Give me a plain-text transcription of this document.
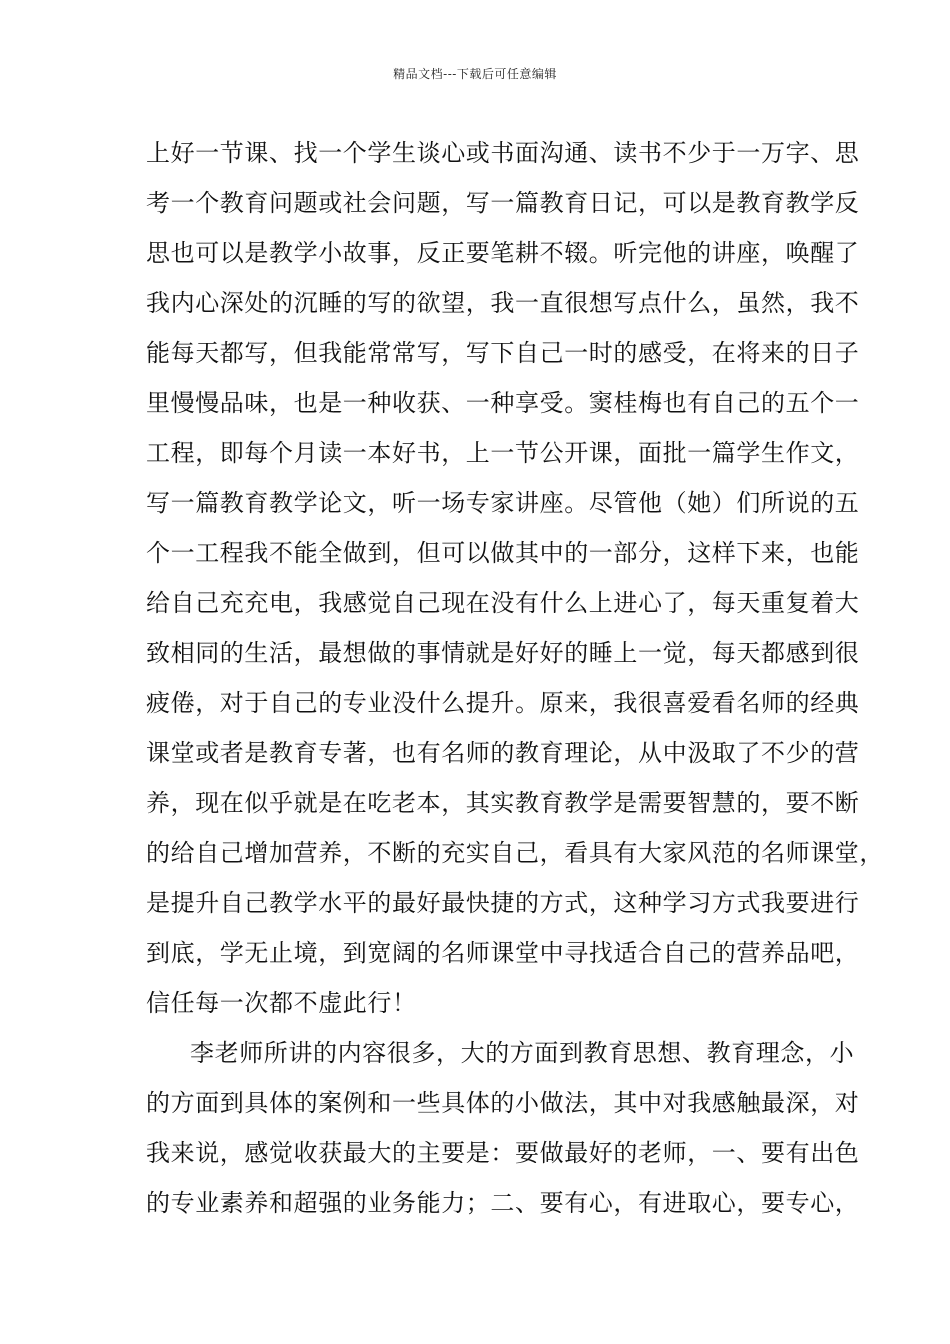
精品文档---下载后可任意编辑
上好一节课、找一个学生谈心或书面沟通、读书不少于一万字、思
考一个教育问题或社会问题，写一篇教育日记，可以是教育教学反
思也可以是教学小故事，反正要笔耕不辍。听完他的讲座，唤醒了
我内心深处的沉睡的写的欲望，我一直很想写点什么，虽然，我不
能每天都写，但我能常常写，写下自己一时的感受，在将来的日子
里慢慢品味，也是一种收获、一种享受。窦桂梅也有自己的五个一
工程，即每个月读一本好书，上一节公开课，面批一篇学生作文，
写一篇教育教学论文，听一场专家讲座。尽管他（她）们所说的五
个一工程我不能全做到，但可以做其中的一部分，这样下来，也能
给自己充充电，我感觉自己现在没有什么上进心了，每天重复着大
致相同的生活，最想做的事情就是好好的睡上一觉，每天都感到很
疲倦，对于自己的专业没什么提升。原来，我很喜爱看名师的经典
课堂或者是教育专著，也有名师的教育理论，从中汲取了不少的营
养，现在似乎就是在吃老本，其实教育教学是需要智慧的，要不断
的给自己增加营养，不断的充实自己，看具有大家风范的名师课堂，
是提升自己教学水平的最好最快捷的方式，这种学习方式我要进行
到底，学无止境，到宽阔的名师课堂中寻找适合自己的营养品吧，
信任每一次都不虚此行！
李老师所讲的内容很多，大的方面到教育思想、教育理念，小
的方面到具体的案例和一些具体的小做法，其中对我感触最深，对
我来说，感觉收获最大的主要是：要做最好的老师，一、要有出色
的专业素养和超强的业务能力；二、要有心，有进取心，要专心，
